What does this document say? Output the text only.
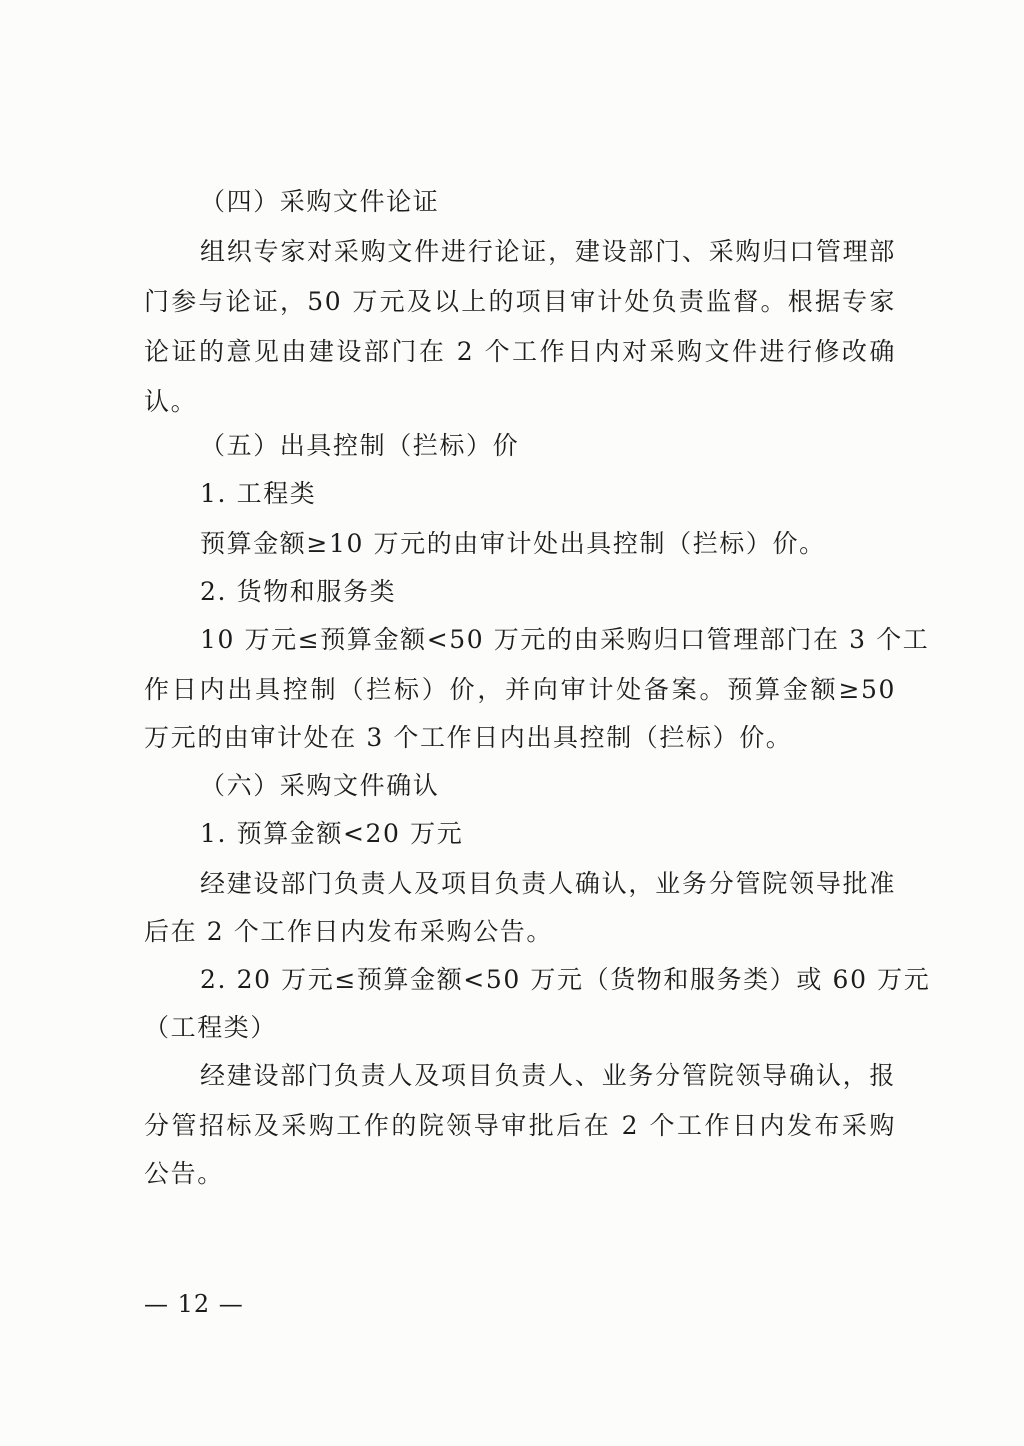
（四）采购文件论证
组织专家对采购文件进行论证，建设部门、采购归口管理部
门参与论证，50 万元及以上的项目审计处负责监督。根据专家
论证的意见由建设部门在 2 个工作日内对采购文件进行修改确
认。
（五）出具控制（拦标）价
1. 工程类
预算金额≥10 万元的由审计处出具控制（拦标）价。
2. 货物和服务类
10 万元≤预算金额<50 万元的由采购归口管理部门在 3 个工
作日内出具控制（拦标）价，并向审计处备案。预算金额≥50
万元的由审计处在 3 个工作日内出具控制（拦标）价。
（六）采购文件确认
1. 预算金额<20 万元
经建设部门负责人及项目负责人确认，业务分管院领导批准
后在 2 个工作日内发布采购公告。
2. 20 万元≤预算金额<50 万元（货物和服务类）或 60 万元
（工程类）
经建设部门负责人及项目负责人、业务分管院领导确认，报
分管招标及采购工作的院领导审批后在 2 个工作日内发布采购
公告。
— 12 —
